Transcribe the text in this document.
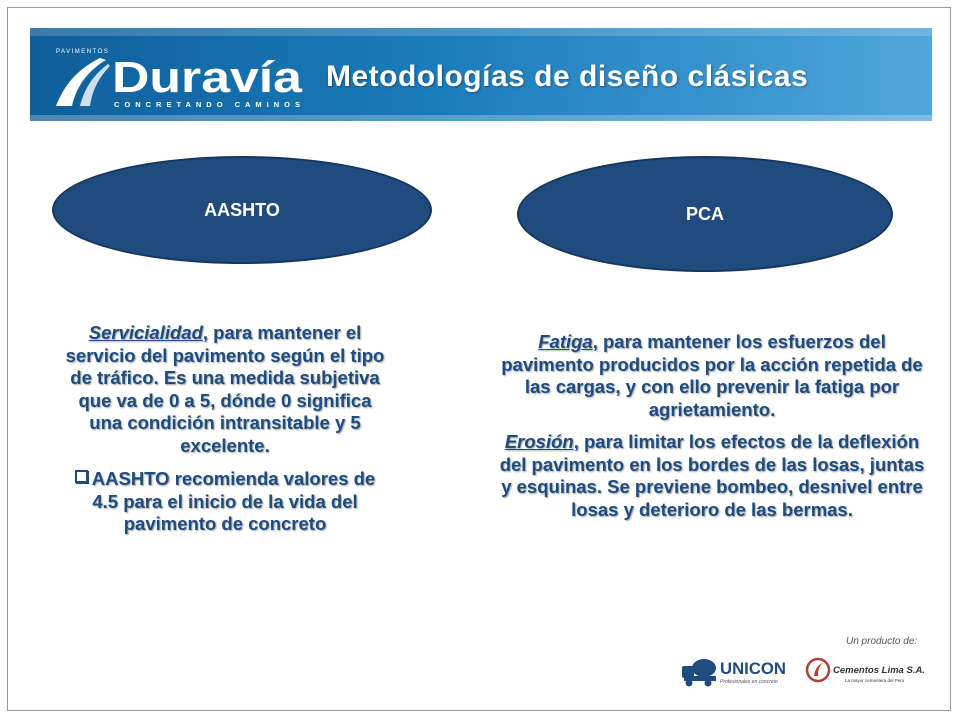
PAVIMENTOS
Duravía
CONCRETANDO CAMINOS
Metodologías de diseño clásicas
AASHTO	PCA

Servicialidad, para mantener el servicio del pavimento según el tipo de tráfico. Es una medida subjetiva que va de 0 a 5, dónde 0 significa una condición intransitable y 5 excelente.

AASHTO recomienda valores de 4.5 para el inicio de la vida del pavimento de concreto

Fatiga, para mantener los esfuerzos del pavimento producidos por la acción repetida de las cargas, y con ello prevenir la fatiga por agrietamiento.

Erosión, para limitar los efectos de la deflexión del pavimento en los bordes de las losas, juntas y esquinas. Se previene bombeo, desnivel entre losas y deterioro de las bermas.

Un producto de:
UNICON
Profesionales en concreto
Cementos Lima S.A.
La mayor cementera del Perú
